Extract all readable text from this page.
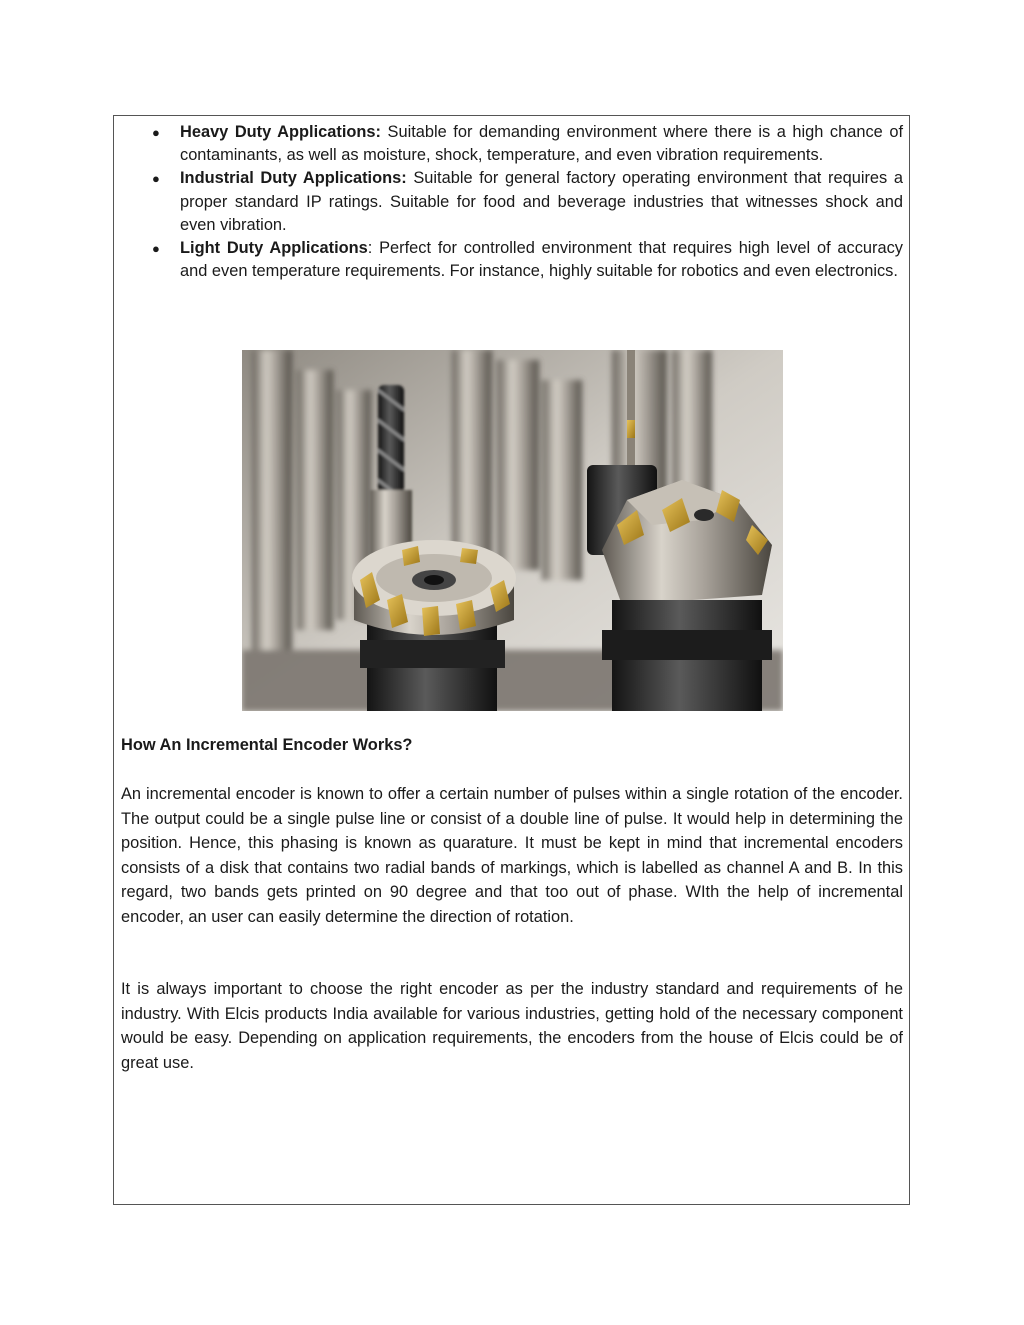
● Heavy Duty Applications: Suitable for demanding environment where there is a high chance of contaminants, as well as moisture, shock, temperature, and even vibration requirements.
● Industrial Duty Applications: Suitable for general factory operating environment that requires a proper standard IP ratings. Suitable for food and beverage industries that witnesses shock and even vibration.
● Light Duty Applications: Perfect for controlled environment that requires high level of accuracy and even temperature requirements. For instance, highly suitable for robotics and even electronics.
How An Incremental Encoder Works?

An incremental encoder is known to offer a certain number of pulses within a single rotation of the encoder. The output could be a single pulse line or consist of a double line of pulse. It would help in determining the position. Hence, this phasing is known as quarature. It must be kept in mind that incremental encoders consists of a disk that contains two radial bands of markings, which is labelled as channel A and B. In this regard, two bands gets printed on 90 degree and that too out of phase. WIth the help of incremental encoder, an user can easily determine the direction of rotation.

It is always important to choose the right encoder as per the industry standard and requirements of he industry. With Elcis products India available for various industries, getting hold of the necessary component would be easy. Depending on application requirements, the encoders from the house of Elcis could be of great use.
